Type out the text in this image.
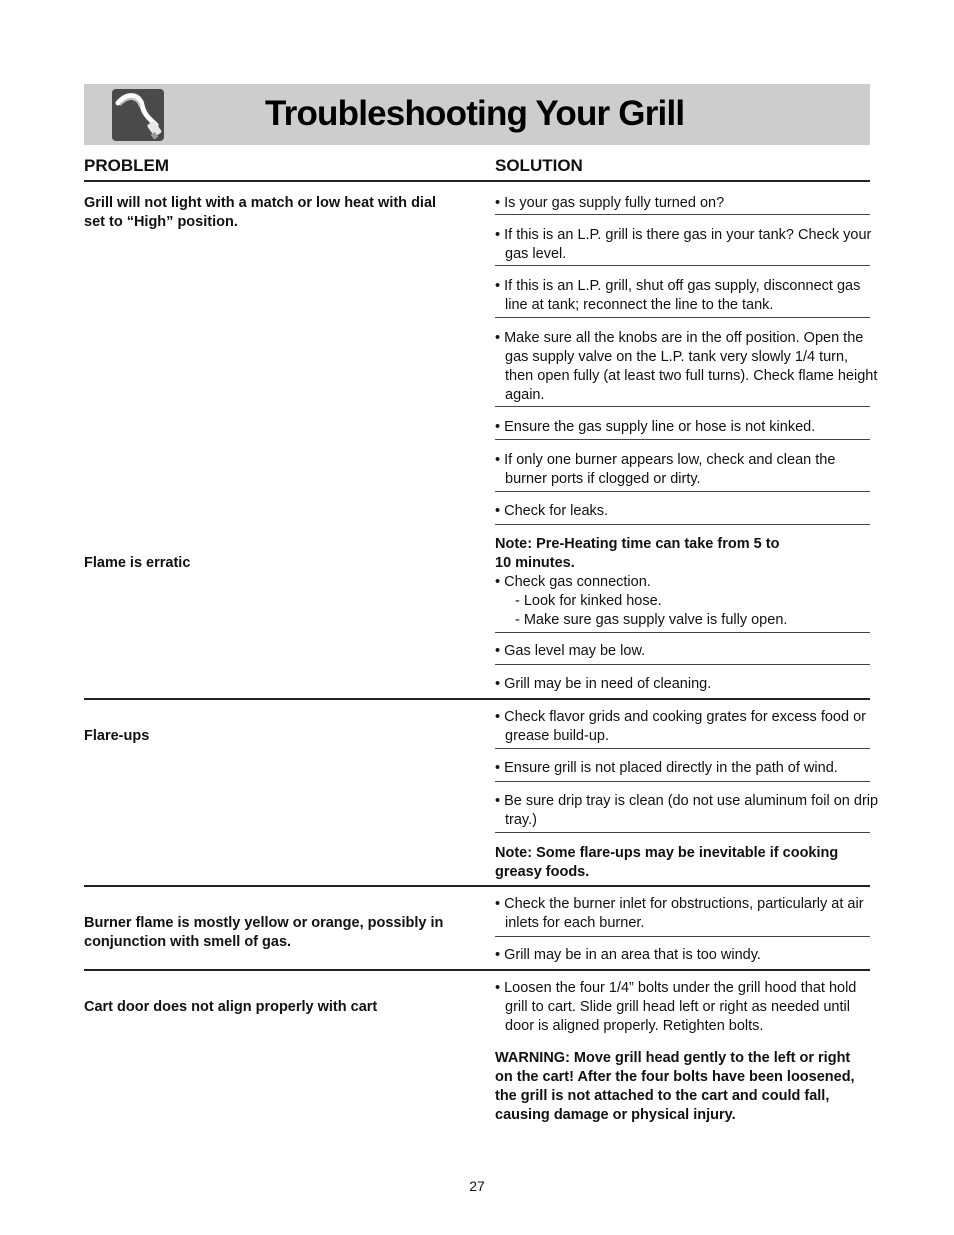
Troubleshooting Your Grill
PROBLEM	SOLUTION
Grill will not light with a match or low heat with dial set to “High” position.
Flame is erratic
Flare-ups
Burner flame is mostly yellow or orange, possibly in conjunction with smell of gas.
Cart door does not align properly with cart
• Is your gas supply fully turned on?
• If this is an L.P. grill is there gas in your tank? Check your gas level.
• If this is an L.P. grill, shut off gas supply, disconnect gas line at tank; reconnect the line to the tank.
• Make sure all the knobs are in the off position. Open the gas supply valve on the L.P. tank very slowly 1/4 turn, then open fully (at least two full turns). Check flame height again.
• Ensure the gas supply line or hose is not kinked.
• If only one burner appears low, check and clean the burner ports if clogged or dirty.
• Check for leaks.
Note: Pre-Heating time can take from 5 to
10 minutes.
• Check gas connection.
- Look for kinked hose.
- Make sure gas supply valve is fully open.
• Gas level may be low.
• Grill may be in need of cleaning.
• Check flavor grids and cooking grates for excess food or grease build-up.
• Ensure grill is not placed directly in the path of wind.
• Be sure drip tray is clean (do not use aluminum foil on drip tray.)
Note: Some flare-ups may be inevitable if cooking greasy foods.
• Check the burner inlet for obstructions, particularly at air inlets for each burner.
• Grill may be in an area that is too windy.
• Loosen the four 1/4” bolts under the grill hood that hold grill to cart. Slide grill head left or right as needed until door is aligned properly. Retighten bolts.
WARNING: Move grill head gently to the left or right on the cart! After the four bolts have been loosened, the grill is not attached to the cart and could fall, causing damage or physical injury.
27
